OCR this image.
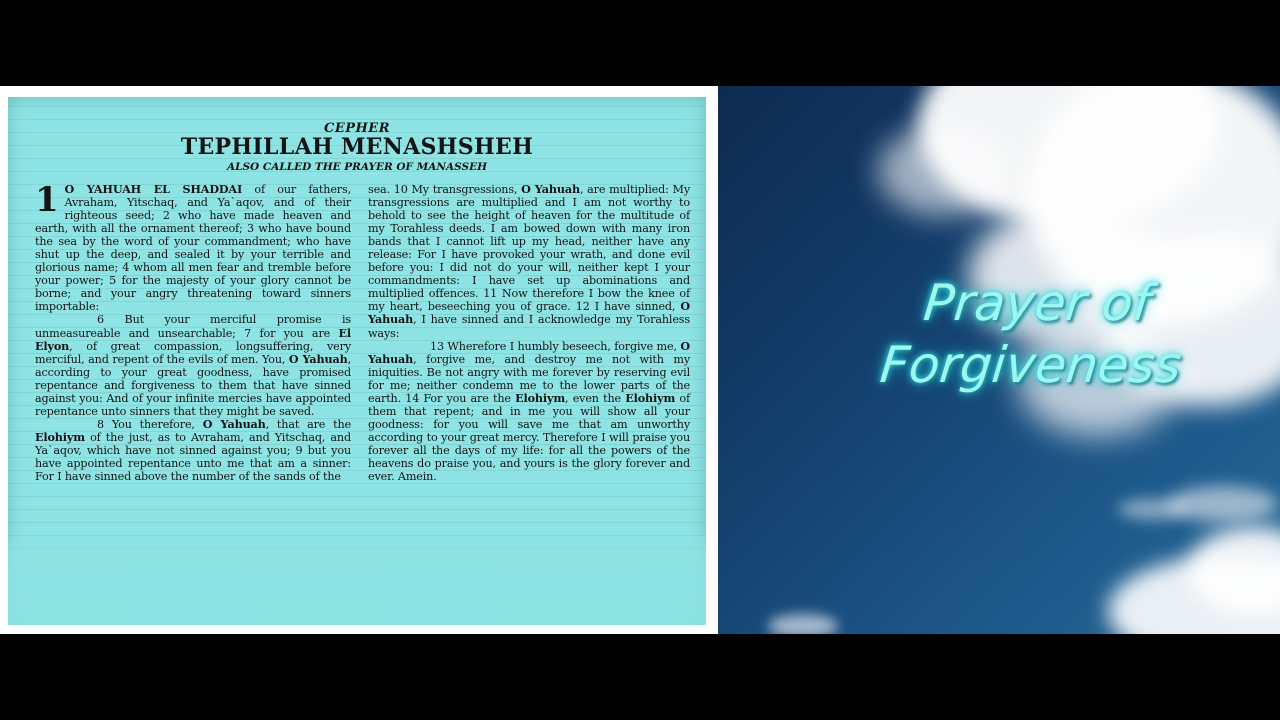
CEPHER
TEPHILLAH MENASHSHEH
ALSO CALLED THE PRAYER OF MANASSEH

1 O YAHUAH EL SHADDAI of our fathers, Avraham, Yitschaq, and Ya`aqov, and of their righteous seed; 2 who have made heaven and earth, with all the ornament thereof; 3 who have bound the sea by the word of your commandment; who have shut up the deep, and sealed it by your terrible and glorious name; 4 whom all men fear and tremble before your power; 5 for the majesty of your glory cannot be borne; and your angry threatening toward sinners importable:

6 But your merciful promise is unmeasureable and unsearchable; 7 for you are El Elyon, of great compassion, longsuffering, very merciful, and repent of the evils of men. You, O Yahuah, according to your great goodness, have promised repentance and forgiveness to them that have sinned against you: And of your infinite mercies have appointed repentance unto sinners that they might be saved.

8 You therefore, O Yahuah, that are the Elohiym of the just, as to Avraham, and Yitschaq, and Ya`aqov, which have not sinned against you; 9 but you have appointed repentance unto me that am a sinner: For I have sinned above the number of the sands of the

sea. 10 My transgressions, O Yahuah, are multiplied: My transgressions are multiplied and I am not worthy to behold to see the height of heaven for the multitude of my Torahless deeds. I am bowed down with many iron bands that I cannot lift up my head, neither have any release: For I have provoked your wrath, and done evil before you: I did not do your will, neither kept I your commandments: I have set up abominations and multiplied offences. 11 Now therefore I bow the knee of my heart, beseeching you of grace. 12 I have sinned, O Yahuah, I have sinned and I acknowledge my Torahless ways:

13 Wherefore I humbly beseech, forgive me, O Yahuah, forgive me, and destroy me not with my iniquities. Be not angry with me forever by reserving evil for me; neither condemn me to the lower parts of the earth. 14 For you are the Elohiym, even the Elohiym of them that repent; and in me you will show all your goodness: for you will save me that am unworthy according to your great mercy. Therefore I will praise you forever all the days of my life: for all the powers of the heavens do praise you, and yours is the glory forever and ever. Amein.

Prayer of
Forgiveness
